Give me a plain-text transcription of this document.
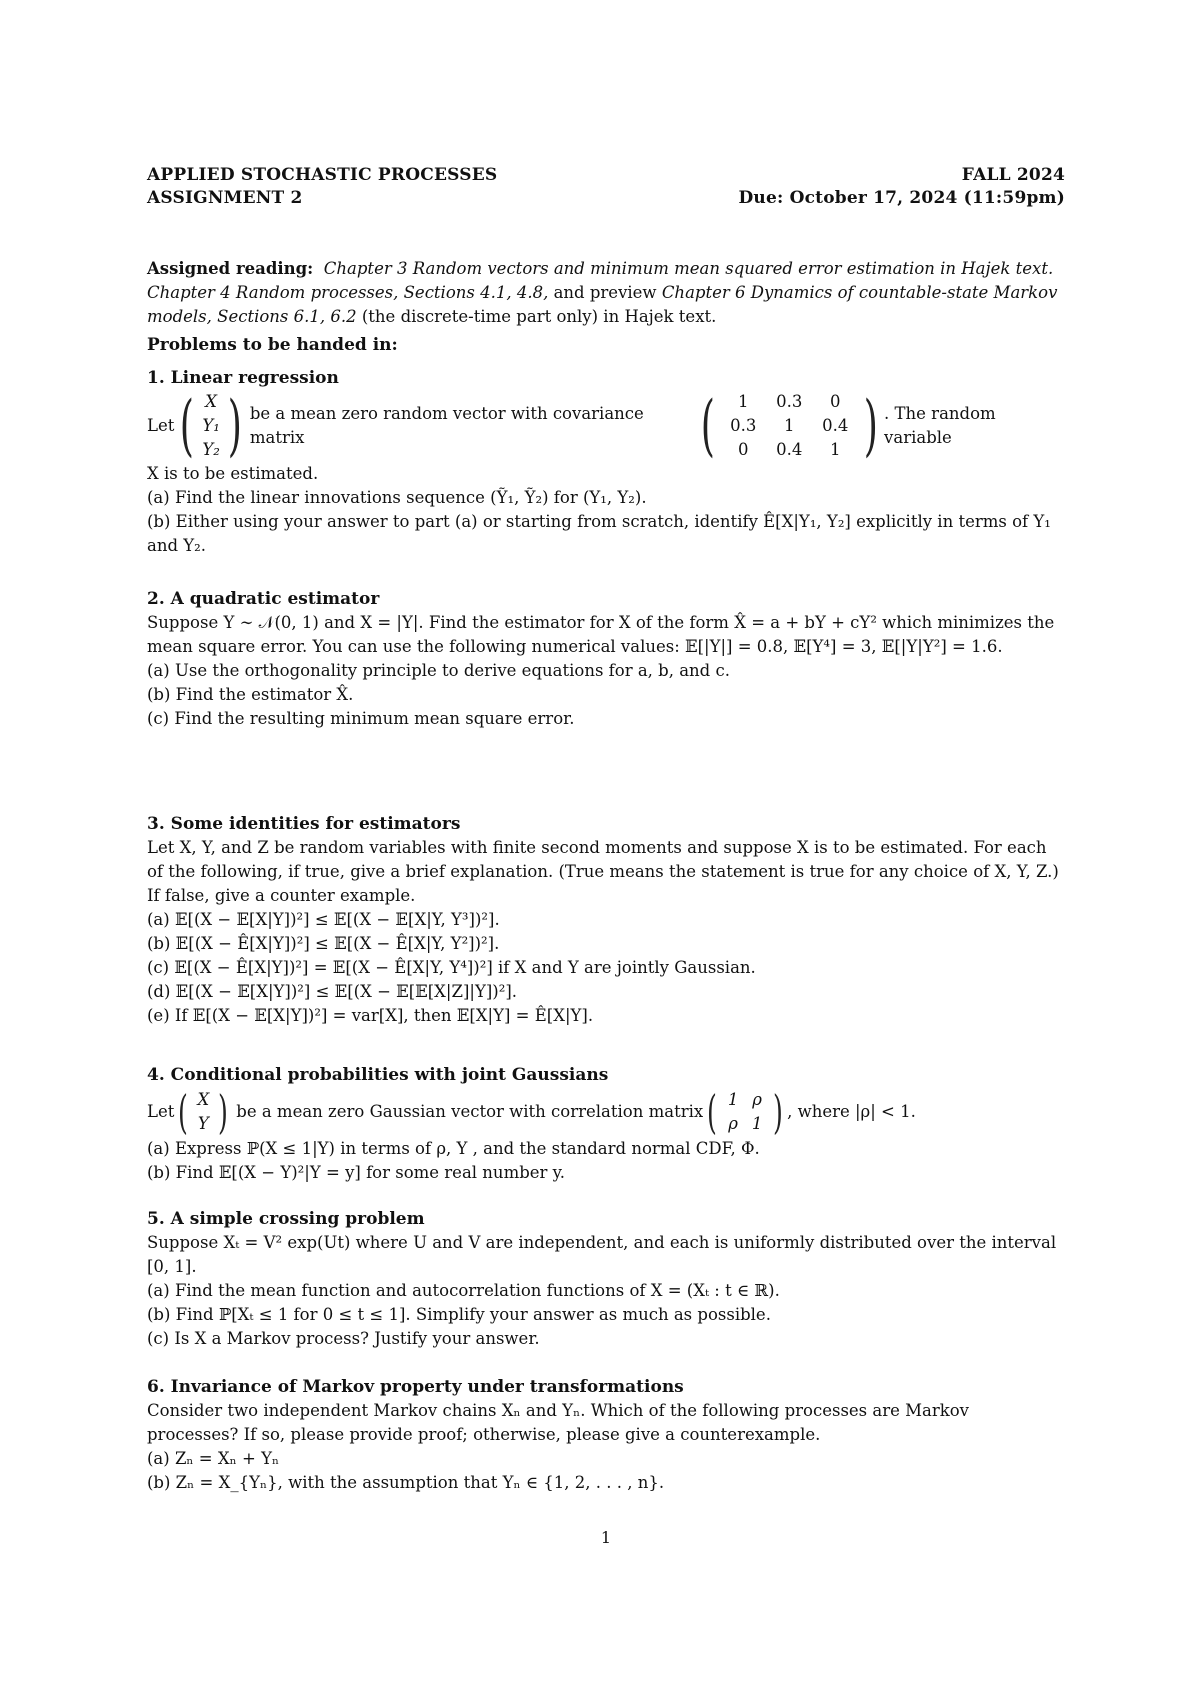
APPLIED STOCHASTIC PROCESSES	FALL 2024
ASSIGNMENT 2	Due: October 17, 2024 (11:59pm)

Assigned reading: Chapter 3 Random vectors and minimum mean squared error estimation in Hajek text.  Chapter 4 Random processes, Sections 4.1, 4.8, and preview Chapter 6 Dynamics of countable-state Markov models, Sections 6.1, 6.2 (the discrete-time part only) in Hajek text.

Problems to be handed in:

1. Linear regression

Let ( X
Y₁
Y₂ ) be a mean zero random vector with covariance matrix	(	1	0.3	0
0.3	1	0.4
0	0.4	1 ) . The random variable

X is to be estimated.

(a) Find the linear innovations sequence (Ỹ₁, Ỹ₂) for (Y₁, Y₂).

(b) Either using your answer to part (a) or starting from scratch, identify Ê[X|Y₁, Y₂] explicitly in terms of Y₁ and Y₂.

2. A quadratic estimator

Suppose Y ∼ 𝒩(0, 1) and X = |Y|. Find the estimator for X of the form X̂ = a + bY + cY² which minimizes the mean square error. You can use the following numerical values: 𝔼[|Y|] = 0.8, 𝔼[Y⁴] = 3, 𝔼[|Y|Y²] = 1.6.

(a) Use the orthogonality principle to derive equations for a, b, and c.

(b) Find the estimator X̂.

(c) Find the resulting minimum mean square error.

3. Some identities for estimators

Let X, Y, and Z be random variables with finite second moments and suppose X is to be estimated. For each of the following, if true, give a brief explanation. (True means the statement is true for any choice of X, Y, Z.) If false, give a counter example.

(a) 𝔼[(X − 𝔼[X|Y])²] ≤ 𝔼[(X − 𝔼[X|Y, Y³])²].

(b) 𝔼[(X − Ê[X|Y])²] ≤ 𝔼[(X − Ê[X|Y, Y²])²].

(c) 𝔼[(X − Ê[X|Y])²] = 𝔼[(X − Ê[X|Y, Y⁴])²] if X and Y are jointly Gaussian.

(d) 𝔼[(X − 𝔼[X|Y])²] ≤ 𝔼[(X − 𝔼[𝔼[X|Z]|Y])²].

(e) If 𝔼[(X − 𝔼[X|Y])²] = var[X], then 𝔼[X|Y] = Ê[X|Y].

4. Conditional probabilities with joint Gaussians

Let ( X
Y ) be a mean zero Gaussian vector with correlation matrix ( 1 ρ
ρ 1 ) , where |ρ| < 1.

(a) Express ℙ(X ≤ 1|Y) in terms of ρ, Y , and the standard normal CDF, Φ.

(b) Find 𝔼[(X − Y)²|Y = y] for some real number y.

5. A simple crossing problem

Suppose Xₜ = V² exp(Ut) where U and V are independent, and each is uniformly distributed over the interval [0, 1].

(a) Find the mean function and autocorrelation functions of X = (Xₜ : t ∈ ℝ).

(b) Find ℙ[Xₜ ≤ 1 for 0 ≤ t ≤ 1]. Simplify your answer as much as possible.

(c) Is X a Markov process? Justify your answer.

6. Invariance of Markov property under transformations

Consider two independent Markov chains Xₙ and Yₙ. Which of the following processes are Markov processes? If so, please provide proof; otherwise, please give a counterexample.

(a) Zₙ = Xₙ + Yₙ

(b) Zₙ = X_{Yₙ}, with the assumption that Yₙ ∈ {1, 2, . . . , n}.

1
